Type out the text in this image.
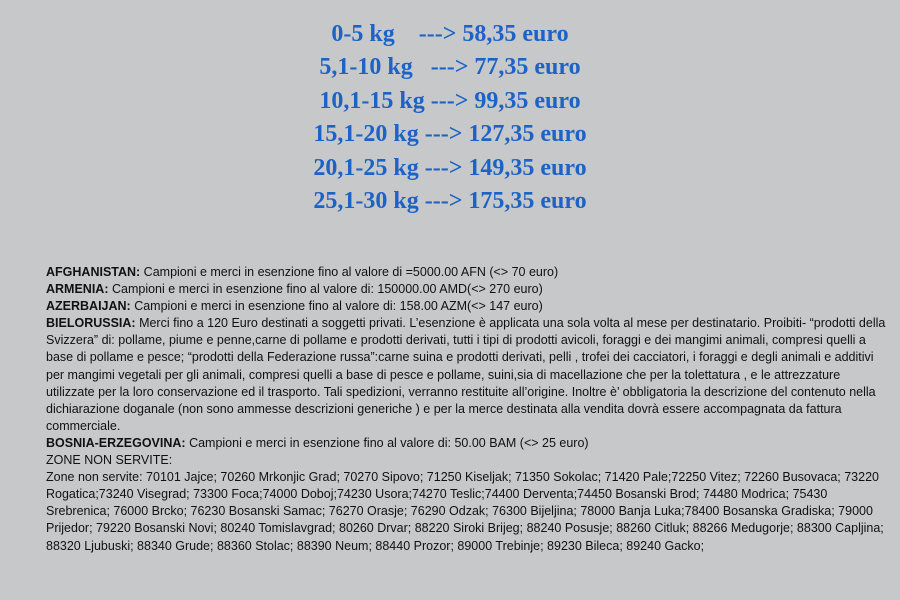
0-5 kg ---> 58,35 euro
5,1-10 kg ---> 77,35 euro
10,1-15 kg ---> 99,35 euro
15,1-20 kg ---> 127,35 euro
20,1-25 kg ---> 149,35 euro
25,1-30 kg ---> 175,35 euro

AFGHANISTAN: Campioni e merci in esenzione fino al valore di =5000.00 AFN (<> 70 euro)

ARMENIA: Campioni e merci in esenzione fino al valore di: 150000.00 AMD(<> 270 euro)

AZERBAIJAN: Campioni e merci in esenzione fino al valore di: 158.00 AZM(<> 147 euro)

BIELORUSSIA: Merci fino a 120 Euro destinati a soggetti privati. L’esenzione è applicata una sola volta al mese per destinatario. Proibiti- “prodotti della Svizzera” di: pollame, piume e penne,carne di pollame e prodotti derivati, tutti i tipi di prodotti avicoli, foraggi e dei mangimi animali, compresi quelli a base di pollame e pesce; “prodotti della Federazione russa”:carne suina e prodotti derivati, pelli , trofei dei cacciatori, i foraggi e degli animali e additivi per mangimi vegetali per gli animali, compresi quelli a base di pesce e pollame, suini,sia di macellazione che per la tolettatura , e le attrezzature utilizzate per la loro conservazione ed il trasporto. Tali spedizioni, verranno restituite all’origine. Inoltre è’ obbligatoria la descrizione del contenuto nella dichiarazione doganale (non sono ammesse descrizioni generiche ) e per la merce destinata alla vendita dovrà essere accompagnata da fattura commerciale.

BOSNIA-ERZEGOVINA: Campioni e merci in esenzione fino al valore di: 50.00 BAM (<> 25 euro)

ZONE NON SERVITE:

Zone non servite: 70101 Jajce; 70260 Mrkonjic Grad; 70270 Sipovo; 71250 Kiseljak; 71350 Sokolac; 71420 Pale;72250 Vitez; 72260 Busovaca; 73220 Rogatica;73240 Visegrad; 73300 Foca;74000 Doboj;74230 Usora;74270 Teslic;74400 Derventa;74450 Bosanski Brod; 74480 Modrica; 75430 Srebrenica; 76000 Brcko; 76230 Bosanski Samac; 76270 Orasje; 76290 Odzak; 76300 Bijeljina; 78000 Banja Luka;78400 Bosanska Gradiska; 79000 Prijedor; 79220 Bosanski Novi; 80240 Tomislavgrad; 80260 Drvar; 88220 Siroki Brijeg; 88240 Posusje; 88260 Citluk; 88266 Medugorje; 88300 Capljina; 88320 Ljubuski; 88340 Grude; 88360 Stolac; 88390 Neum; 88440 Prozor; 89000 Trebinje; 89230 Bileca; 89240 Gacko;
